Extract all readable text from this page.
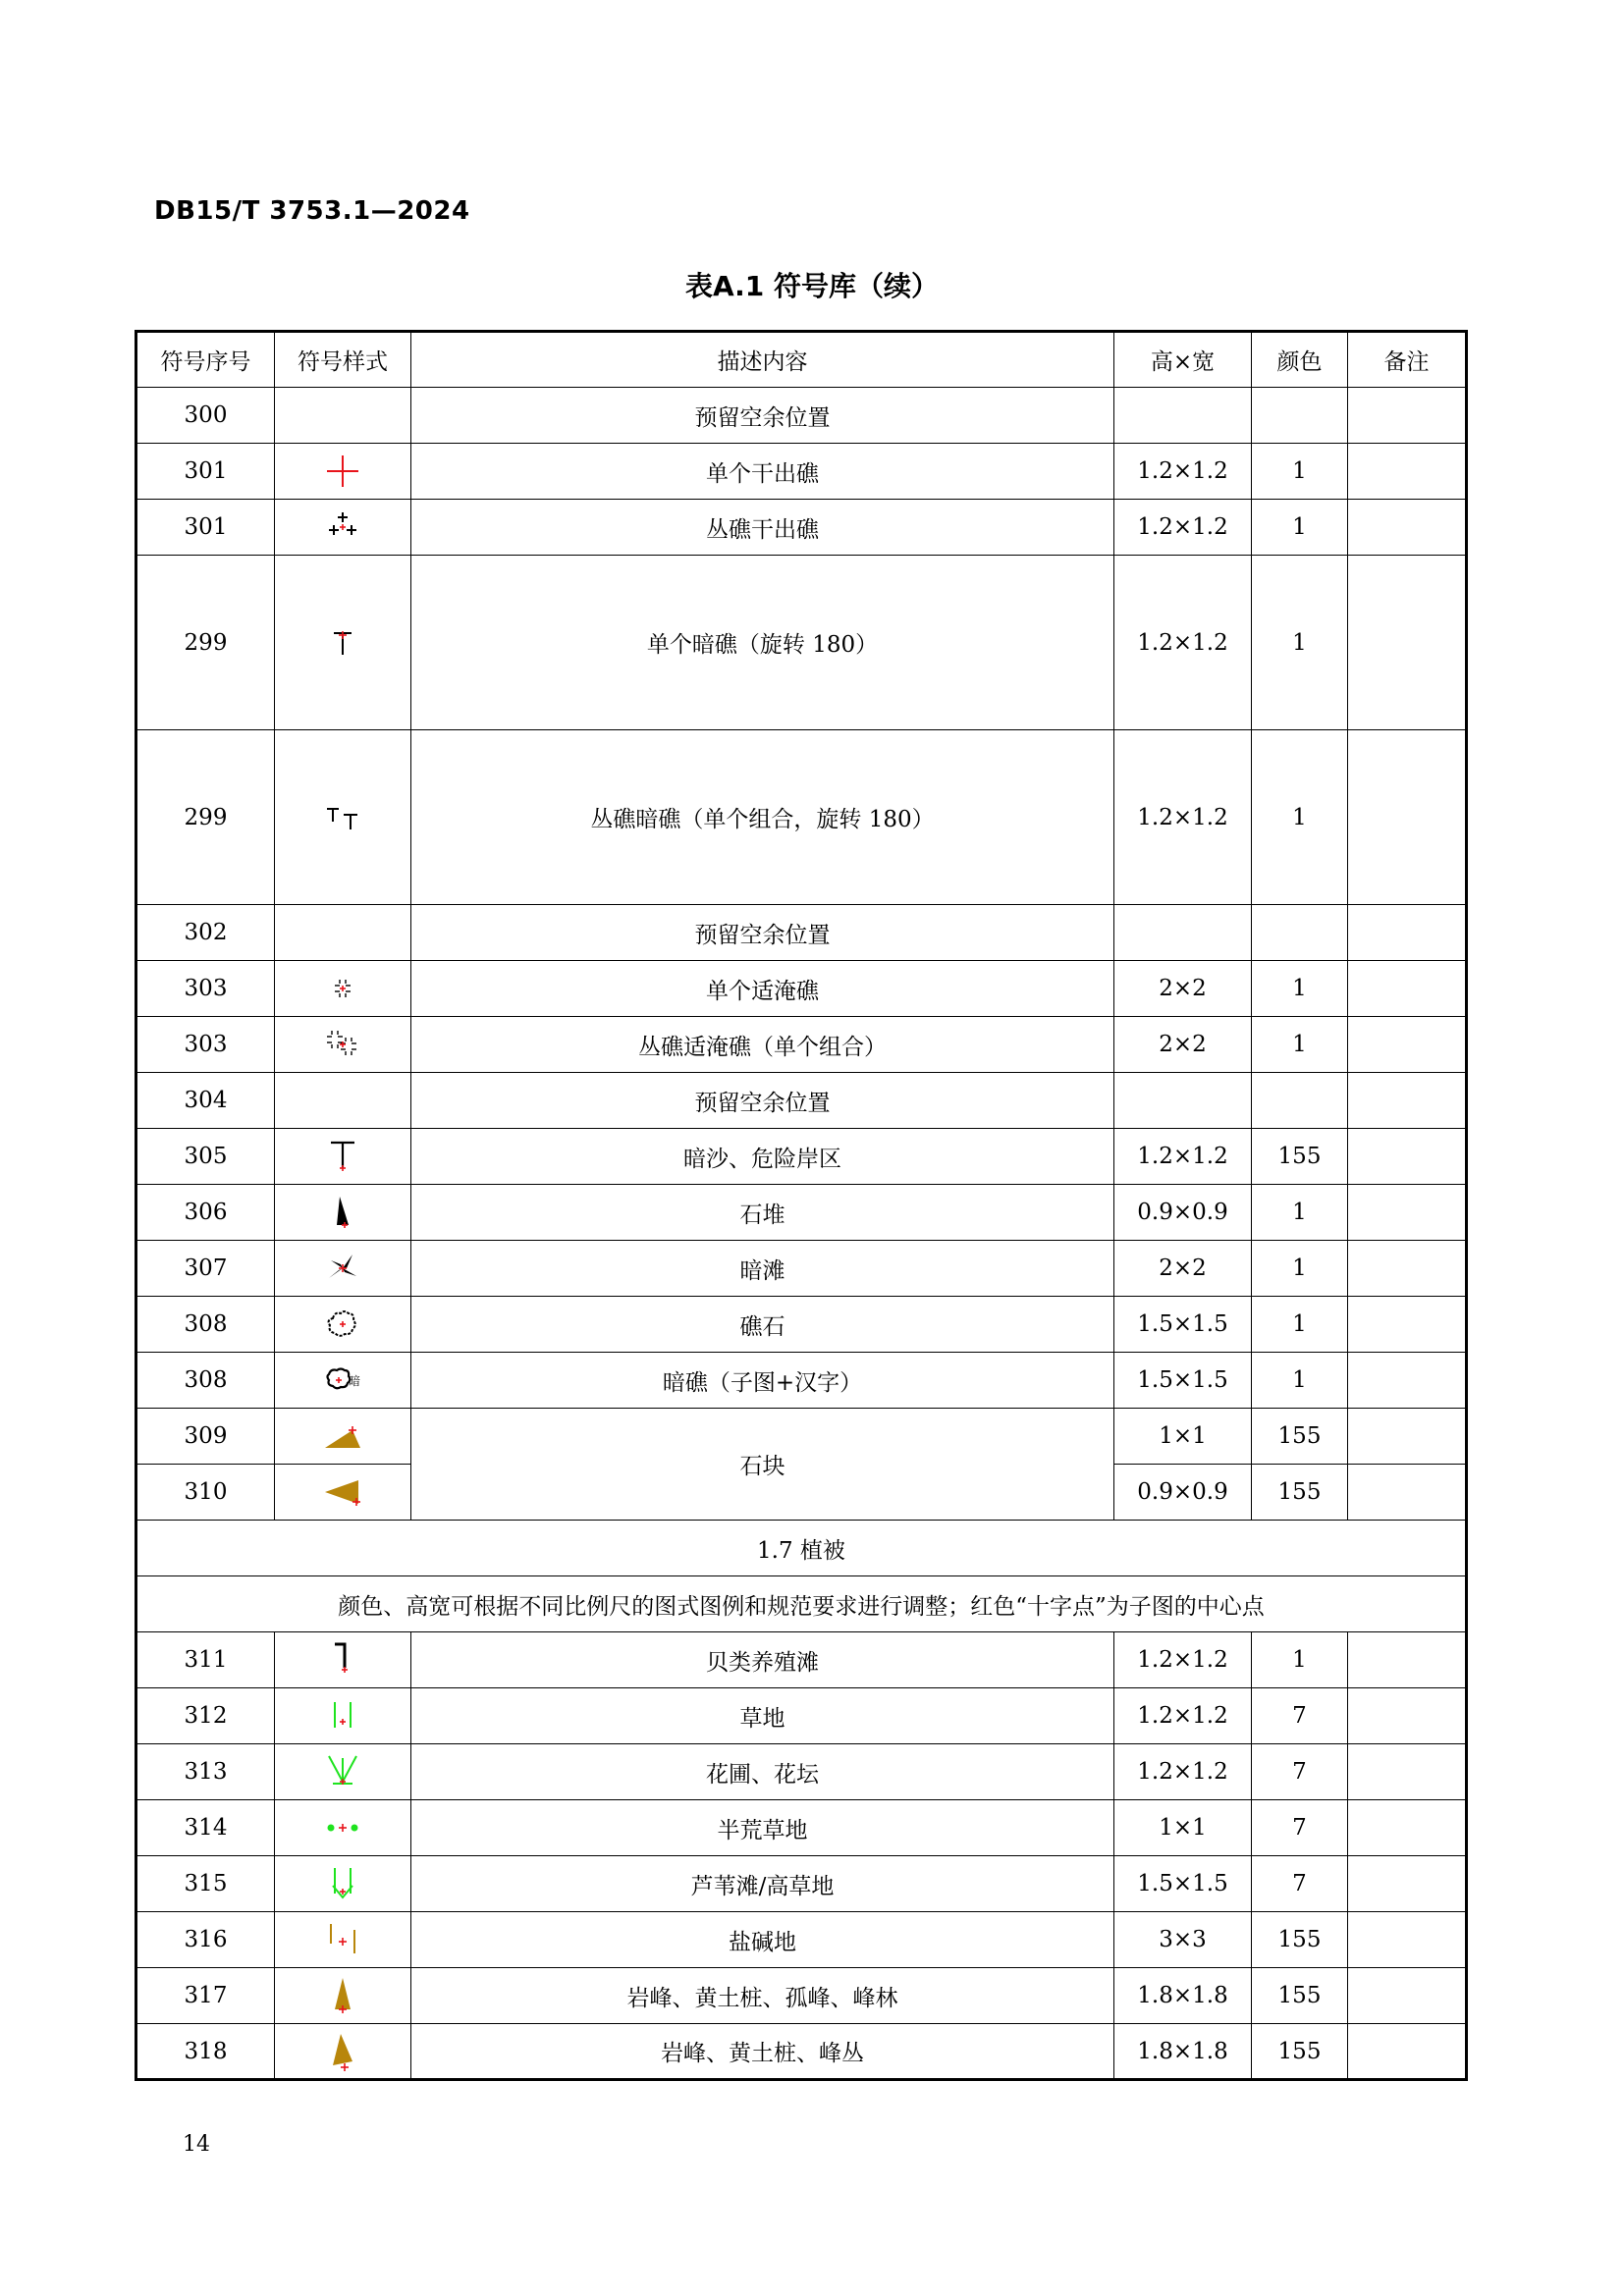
DB15/T 3753.1—2024
表A.1 符号库（续）
符号序号	符号样式	描述内容	高×宽	颜色	备注
300		预留空余位置			
301		单个干出礁	1.2×1.2	1	
301		丛礁干出礁	1.2×1.2	1	
299		单个暗礁（旋转 180）	1.2×1.2	1	
299		丛礁暗礁（单个组合，旋转 180）	1.2×1.2	1	
302		预留空余位置			
303		单个适淹礁	2×2	1	
303		丛礁适淹礁（单个组合）	2×2	1	
304		预留空余位置			
305		暗沙、危险岸区	1.2×1.2	155	
306		石堆	0.9×0.9	1	
307		暗滩	2×2	1	
308		礁石	1.5×1.5	1	
308	暗	暗礁（子图+汉字）	1.5×1.5	1	
309		石块	1×1	155	
310			0.9×0.9	155	
1.7 植被					
颜色、高宽可根据不同比例尺的图式图例和规范要求进行调整；红色“十字点”为子图的中心点					
311		贝类养殖滩	1.2×1.2	1	
312		草地	1.2×1.2	7	
313		花圃、花坛	1.2×1.2	7	
314		半荒草地	1×1	7	
315		芦苇滩/高草地	1.5×1.5	7	
316		盐碱地	3×3	155	
317		岩峰、黄土桩、孤峰、峰林	1.8×1.8	155	
318		岩峰、黄土桩、峰丛	1.8×1.8	155	
14
